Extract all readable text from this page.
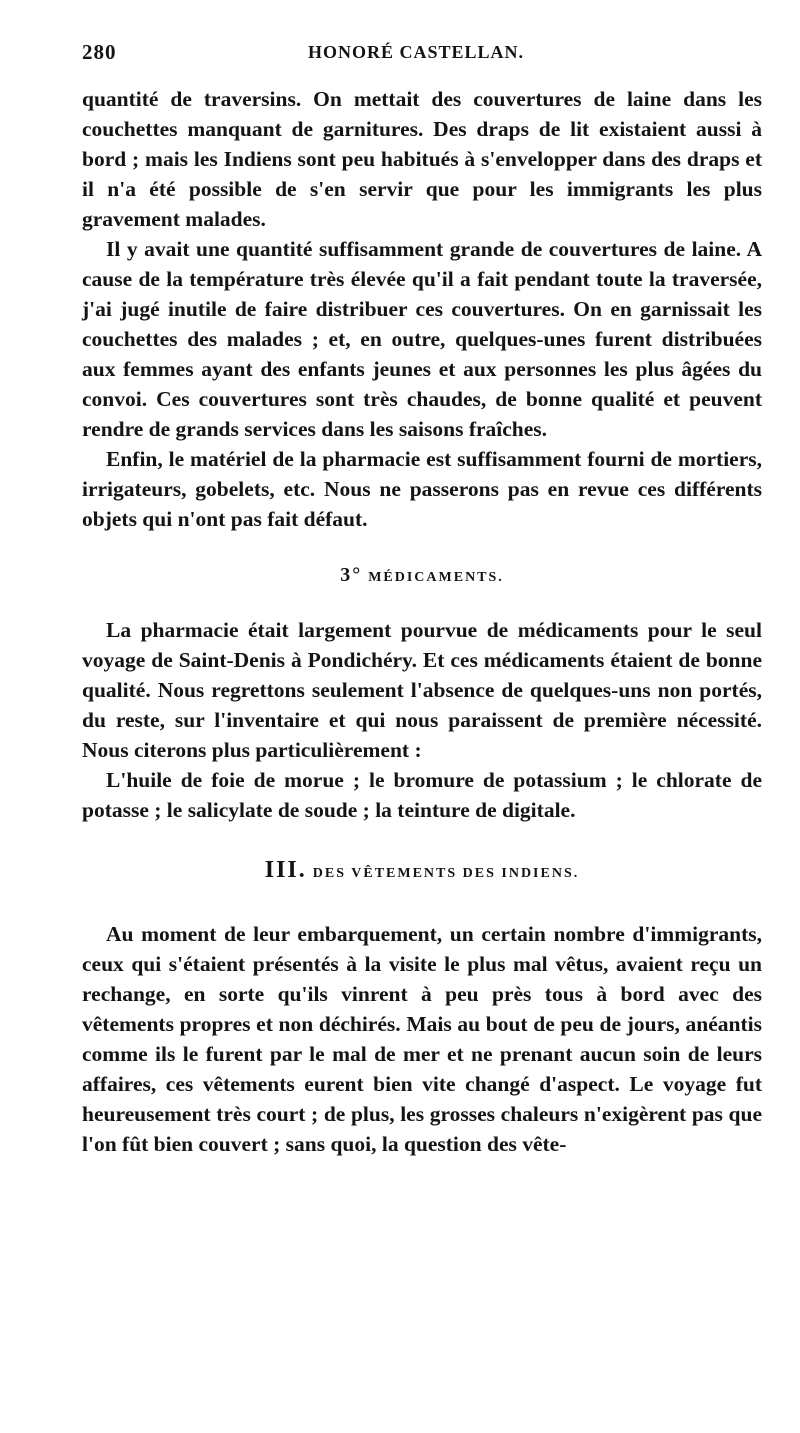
280	HONORÉ CASTELLAN.

quantité de traversins. On mettait des couvertures de laine dans les couchettes manquant de garnitures. Des draps de lit existaient aussi à bord ; mais les Indiens sont peu habitués à s'envelopper dans des draps et il n'a été possible de s'en servir que pour les immigrants les plus gravement malades.

Il y avait une quantité suffisamment grande de couvertures de laine. A cause de la température très élevée qu'il a fait pendant toute la traversée, j'ai jugé inutile de faire distribuer ces couvertures. On en garnissait les couchettes des malades ; et, en outre, quelques-unes furent distribuées aux femmes ayant des enfants jeunes et aux personnes les plus âgées du convoi. Ces couvertures sont très chaudes, de bonne qualité et peuvent rendre de grands services dans les saisons fraîches.

Enfin, le matériel de la pharmacie est suffisamment fourni de mortiers, irrigateurs, gobelets, etc. Nous ne passerons pas en revue ces différents objets qui n'ont pas fait défaut.

3° MÉDICAMENTS.

La pharmacie était largement pourvue de médicaments pour le seul voyage de Saint-Denis à Pondichéry. Et ces médicaments étaient de bonne qualité. Nous regrettons seulement l'absence de quelques-uns non portés, du reste, sur l'inventaire et qui nous paraissent de première nécessité. Nous citerons plus particulièrement :

L'huile de foie de morue ; le bromure de potassium ; le chlorate de potasse ; le salicylate de soude ; la teinture de digitale.

III. DES VÊTEMENTS DES INDIENS.

Au moment de leur embarquement, un certain nombre d'immigrants, ceux qui s'étaient présentés à la visite le plus mal vêtus, avaient reçu un rechange, en sorte qu'ils vinrent à peu près tous à bord avec des vêtements propres et non déchirés. Mais au bout de peu de jours, anéantis comme ils le furent par le mal de mer et ne prenant aucun soin de leurs affaires, ces vêtements eurent bien vite changé d'aspect. Le voyage fut heureusement très court ; de plus, les grosses chaleurs n'exigèrent pas que l'on fût bien couvert ; sans quoi, la question des vête-
